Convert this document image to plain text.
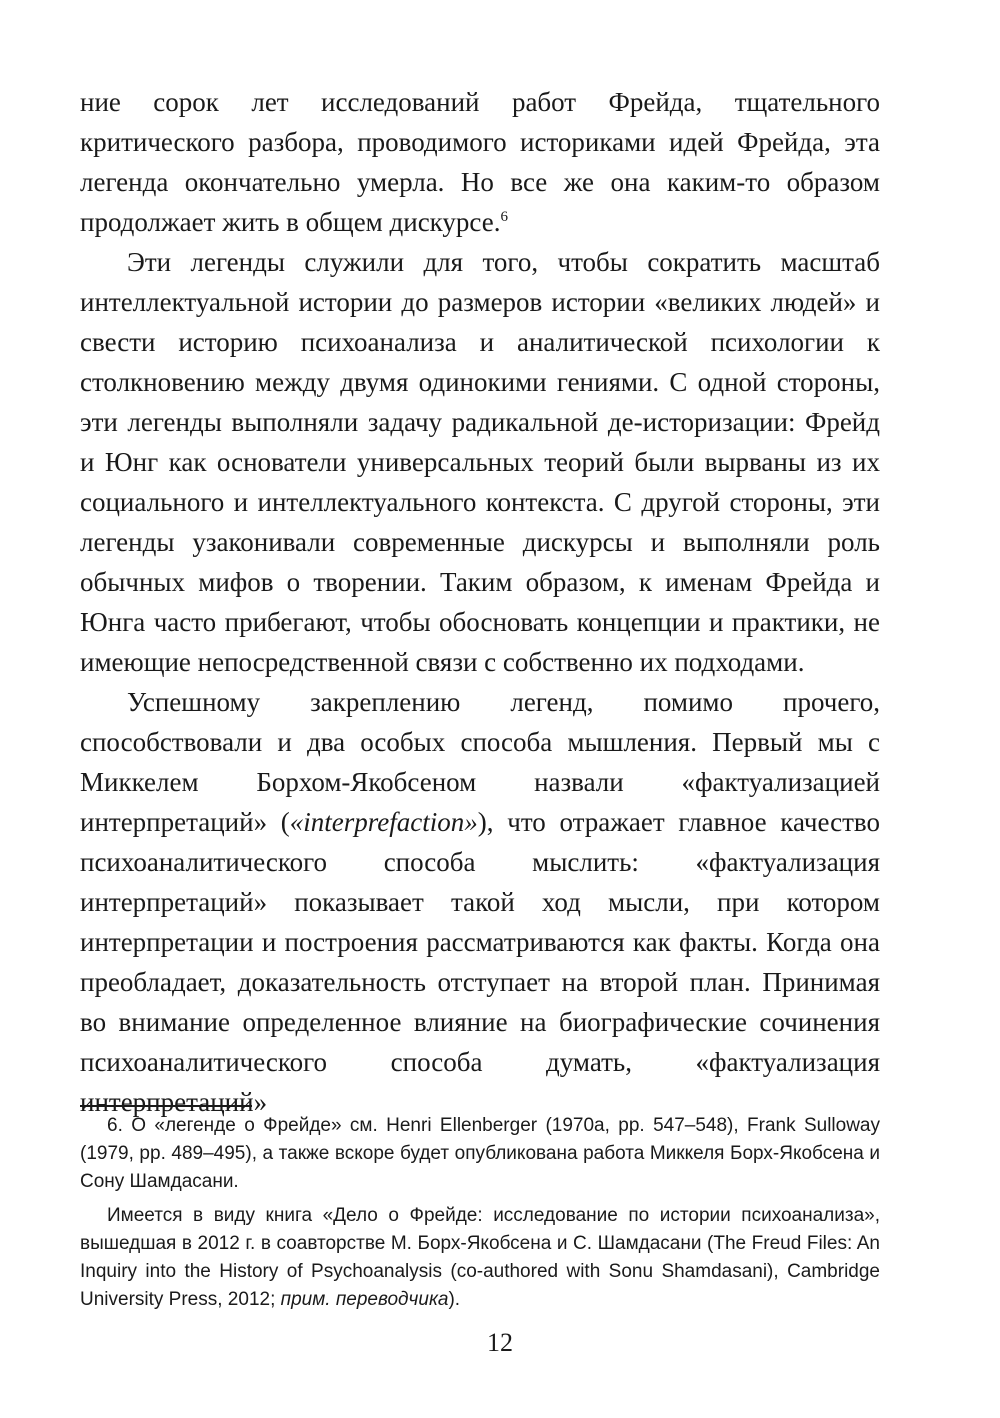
ние сорок лет исследований работ Фрейда, тщательного критического разбора, проводимого историками идей Фрейда, эта легенда окончательно умерла. Но все же она каким-то образом продолжает жить в общем дискурсе.$^6$

Эти легенды служили для того, чтобы сократить масштаб интеллектуальной истории до размеров истории «великих людей» и свести историю психоанализа и аналитической психологии к столкновению между двумя одинокими гениями. С одной стороны, эти легенды выполняли задачу радикальной де-историзации: Фрейд и Юнг как основатели универсальных теорий были вырваны из их социального и интеллектуального контекста. С другой стороны, эти легенды узаконивали современные дискурсы и выполняли роль обычных мифов о творении. Таким образом, к именам Фрейда и Юнга часто прибегают, чтобы обосновать концепции и практики, не имеющие непосредственной связи с собственно их подходами.

Успешному закреплению легенд, помимо прочего, способствовали и два особых способа мышления. Первый мы с Миккелем Борхом-Якобсеном назвали «фактуализацией интерпретаций» («interprefaction»), что отражает главное качество психоаналитического способа мыслить: «фактуализация интерпретаций» показывает такой ход мысли, при котором интерпретации и построения рассматриваются как факты. Когда она преобладает, доказательность отступает на второй план. Принимая во внимание определенное влияние на биографические сочинения психоаналитического способа думать, «фактуализация интерпретаций»

6. О «легенде о Фрейде» см. Henri Ellenberger (1970a, pp. 547–548), Frank Sulloway (1979, pp. 489–495), а также вскоре будет опубликована работа Миккеля Борх-Якобсена и Сону Шамдасани.

Имеется в виду книга «Дело о Фрейде: исследование по истории психоанализа», вышедшая в 2012 г. в соавторстве М. Борх-Якобсена и С. Шамдасани (The Freud Files: An Inquiry into the History of Psychoanalysis (co-authored with Sonu Shamdasani), Cambridge University Press, 2012; прим. переводчика).

12
